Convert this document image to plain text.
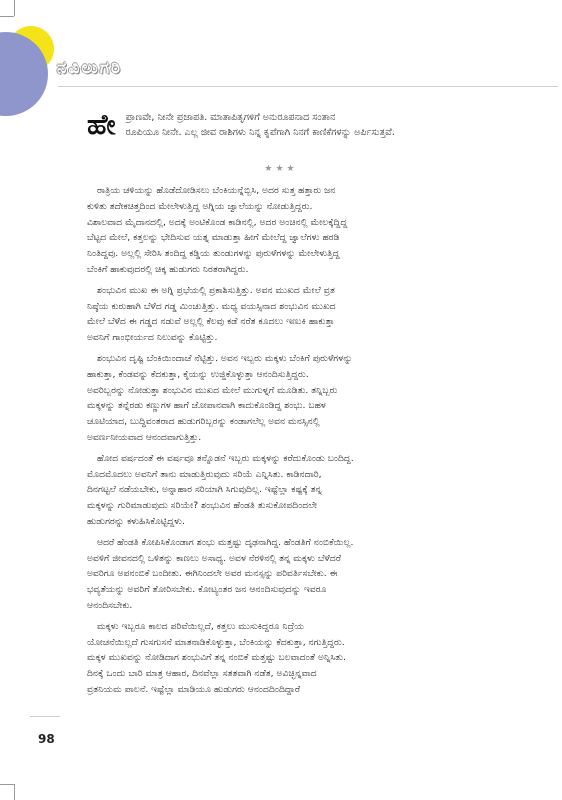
ನವಿಲುಗರಿ
ಹೇ	ಪ್ರಾಣವೇ, ನೀನೇ ಪ್ರಜಾಪತಿ. ಮಾತಾಪಿತೃಗಳಿಗೆ ಅನುರೂಪನಾದ ಸಂತಾನ
ರೂಪಿಯೂ ನೀನೇ. ಎಲ್ಲ ಜೀವ ರಾಶಿಗಳು ನಿನ್ನ ಕೃಪೆಗಾಗಿ ನಿನಗೆ ಕಾಣಿಕೆಗಳನ್ನು ಅರ್ಪಿಸುತ್ತವೆ.
★★★
ರಾತ್ರಿಯ ಚಳಿಯನ್ನು ಹೊಡೆದೋಡಿಸಲು ಬೆಂಕಿಯನ್ನೆಬ್ಬಿಸಿ, ಅದರ ಸುತ್ತ ಹತ್ತಾರು ಜನ
ಕುಳಿತು ತದೇಕಚಿತ್ತದಿಂದ ಮೇಲೇಳುತ್ತಿದ್ದ ಅಗ್ನಿಯ ಜ್ವಾಲೆಯನ್ನು ನೋಡುತ್ತಿದ್ದರು.
ವಿಶಾಲವಾದ ಮೈದಾನದಲ್ಲಿ, ಅದಕ್ಕೆ ಅಂಟಿಕೊಂಡ ಕಾಡಿನಲ್ಲಿ, ಅದರ ಅಂಚಿನಲ್ಲಿ ಮೇಲಕ್ಕೆದ್ದಿದ್ದ
ಬೆಟ್ಟದ ಮೇಲೆ, ಕತ್ತಲನ್ನು ಭೇದಿಸುವ ಯತ್ನ ಮಾಡುತ್ತಾ ಹೀಗೆ ಮೇಲೆದ್ದ ಜ್ವಾಲೆಗಳು ಹರಡಿ
ನಿಂತಿದ್ದವು. ಅಲ್ಲಲ್ಲಿ ಸೇರಿಸಿ ತಂದಿದ್ದ ಕಡ್ಡಿಯ ತುಂಡುಗಳನ್ನು ಪುರುಳೆಗಳನ್ನು ಮೇಲೇಳುತ್ತಿದ್ದ
ಬೆಂಕಿಗೆ ಹಾಕುವುದರಲ್ಲಿ ಚಿಕ್ಕ ಹುಡುಗರು ನಿರತರಾಗಿದ್ದರು.
ಶಂಭುವಿನ ಮುಖ ಈ ಅಗ್ನಿ ಪ್ರಭೆಯಲ್ಲಿ ಪ್ರಕಾಶಿಸುತ್ತಿತ್ತು. ಅವನ ಮುಖದ ಮೇಲೆ ವ್ರತ
ನಿಷ್ಠೆಯ ಕುರುಹಾಗಿ ಬೆಳೆದ ಗಡ್ಡ ಮಿಂಚುತ್ತಿತ್ತು. ಮಧ್ಯ ವಯಸ್ಸಿನಾದ ಶಂಭುವಿನ ಮುಖದ
ಮೇಲೆ ಬೆಳೆದ ಈ ಗಡ್ಡದ ನಡುವೆ ಅಲ್ಲಲ್ಲಿ ಕೆಲವು ಕಡೆ ನರೆತ ಕೂದಲು ಇಣುಕಿ ಹಾಕುತ್ತಾ
ಅವನಿಗೆ ಗಾಂಭೀರ್ಯದ ನಿಲುವನ್ನು ಕೊಟ್ಟಿತ್ತು.
ಶಂಭುವಿನ ದೃಷ್ಟಿ ಬೆಂಕಿಯಿಂದಾಚೆ ನೆಟ್ಟಿತ್ತು. ಅವನ ಇಬ್ಬರು ಮಕ್ಕಳು ಬೆಂಕಿಗೆ ಪುರುಳೆಗಳನ್ನು
ಹಾಕುತ್ತಾ, ಕೆಂಡವನ್ನು ಕೆದಕುತ್ತಾ, ಕೈಯನ್ನು ಉಜ್ಜಿಕೊಳ್ಳುತ್ತಾ ಆನಂದಿಸುತ್ತಿದ್ದರು.
ಅವರಿಬ್ಬರನ್ನು ನೋಡುತ್ತಾ ಶಂಭುವಿನ ಮುಖದ ಮೇಲೆ ಮುಗುಳ್ನಗೆ ಮೂಡಿತು. ತನ್ನಿಬ್ಬರು
ಮಕ್ಕಳನ್ನು ತನ್ನೆರಡು ಕಣ್ಣುಗಳ ಹಾಗೆ ಜೋಪಾನವಾಗಿ ಕಾದುಕೊಂಡಿದ್ದ ಶಂಭು. ಬಹಳ
ಚೂಟಿಯಾದ, ಬುದ್ಧಿವಂತರಾದ ಹುಡುಗರಿಬ್ಬರನ್ನು ಕಂಡಾಗಲೆಲ್ಲ ಅವನ ಮನಸ್ಸಿನಲ್ಲಿ
ಅವರ್ಣನೀಯವಾದ ಆನಂದವಾಗುತ್ತಿತ್ತು.
ಹೋದ ವರ್ಷದಂತೆ ಈ ವರ್ಷವೂ ತನ್ನೊಡನೆ ಇಬ್ಬರು ಮಕ್ಕಳನ್ನು ಕರೆದುಕೊಂಡು ಬಂದಿದ್ದ.
ಮೊದಮೊದಲು ಅವನಿಗೆ ತಾನು ಮಾಡುತ್ತಿರುವುದು ಸರಿಯೆ ಎನ್ನಿಸಿತು. ಕಾಡಿನದಾರಿ,
ದಿನಗಟ್ಟಲೆ ನಡೆಯಬೇಕು, ಅನ್ನಾಹಾರ ಸರಿಯಾಗಿ ಸಿಗುವುದಿಲ್ಲ. ಇಷ್ಟೆಲ್ಲಾ ಕಷ್ಟಕ್ಕೆ ತನ್ನ
ಮಕ್ಕಳನ್ನು ಗುರಿಮಾಡುವುದು ಸರಿಯೇ? ಶಂಭುವಿನ ಹೆಂಡತಿ ತುಸುಕೋಪದಿಂದಲೇ
ಹುಡುಗರನ್ನು ಕಳುಹಿಸಿಕೊಟ್ಟಿದ್ದಳು.
ಆದರೆ ಹೆಂಡತಿ ಕೋಪಿಸಿಕೊಂಡಾಗ ಶಂಭು ಮತ್ತಷ್ಟು ದೃಢನಾಗಿದ್ದ. ಹೆಂಡತಿಗೆ ನಂಬಿಕೆಯಿಲ್ಲ.
ಅವಳಿಗೆ ಜೀವನದಲ್ಲಿ ಒಳಿತನ್ನು ಕಾಣಲು ಅಸಾಧ್ಯ. ಅವಳ ನೆರಳಿನಲ್ಲಿ ತನ್ನ ಮಕ್ಕಳು ಬೆಳೆದರೆ
ಅವರಿಗೂ ಅಪನಂಬಿಕೆ ಬಂದೀತು. ಈಗಿನಿಂದಲೇ ಅವರ ಮನಸ್ಸನ್ನು ಪರಿವರ್ತಿಸಬೇಕು. ಈ
ಭವ್ಯತೆಯನ್ನು ಅವರಿಗೆ ತೋರಿಸಬೇಕು. ಕೋಟ್ಯಂತರ ಜನ ಆನಂದಿಸುವುದನ್ನು ಇವರೂ
ಆನಂದಿಸಬೇಕು.
ಮಕ್ಕಳು ಇಬ್ಬರೂ ಕಾಲದ ಪರಿವೆಯಿಲ್ಲದೆ, ಕತ್ತಲು ಮುಸುಕಿದ್ದರೂ ನಿದ್ರೆಯ
ಯೋಚನೆಯಿಲ್ಲದೆ ಗುಸಗುಸನೆ ಮಾತನಾಡಿಕೊಳ್ಳುತ್ತಾ, ಬೆಂಕಿಯನ್ನು ಕೆದಕುತ್ತಾ, ನಗುತ್ತಿದ್ದರು.
ಮಕ್ಕಳ ಮುಖವನ್ನು ನೋಡಿದಾಗ ಶಂಭುವಿಗೆ ತನ್ನ ನಂಬಿಕೆ ಮತ್ತಷ್ಟು ಬಲವಾದಂತೆ ಅನ್ನಿಸಿತು.
ದಿನಕ್ಕೆ ಒಂದು ಬಾರಿ ಮಾತ್ರ ಆಹಾರ, ದಿನವೆಲ್ಲಾ ಸತತವಾಗಿ ನಡೆತ, ಅವಿಚ್ಛಿನ್ನವಾದ
ವ್ರತನಿಯಮ ಪಾಲನೆ. ಇಷ್ಟೆಲ್ಲಾ ಮಾಡಿಯೂ ಹುಡುಗರು ಆನಂದದಿಂದಿದ್ದಾರೆ
98
